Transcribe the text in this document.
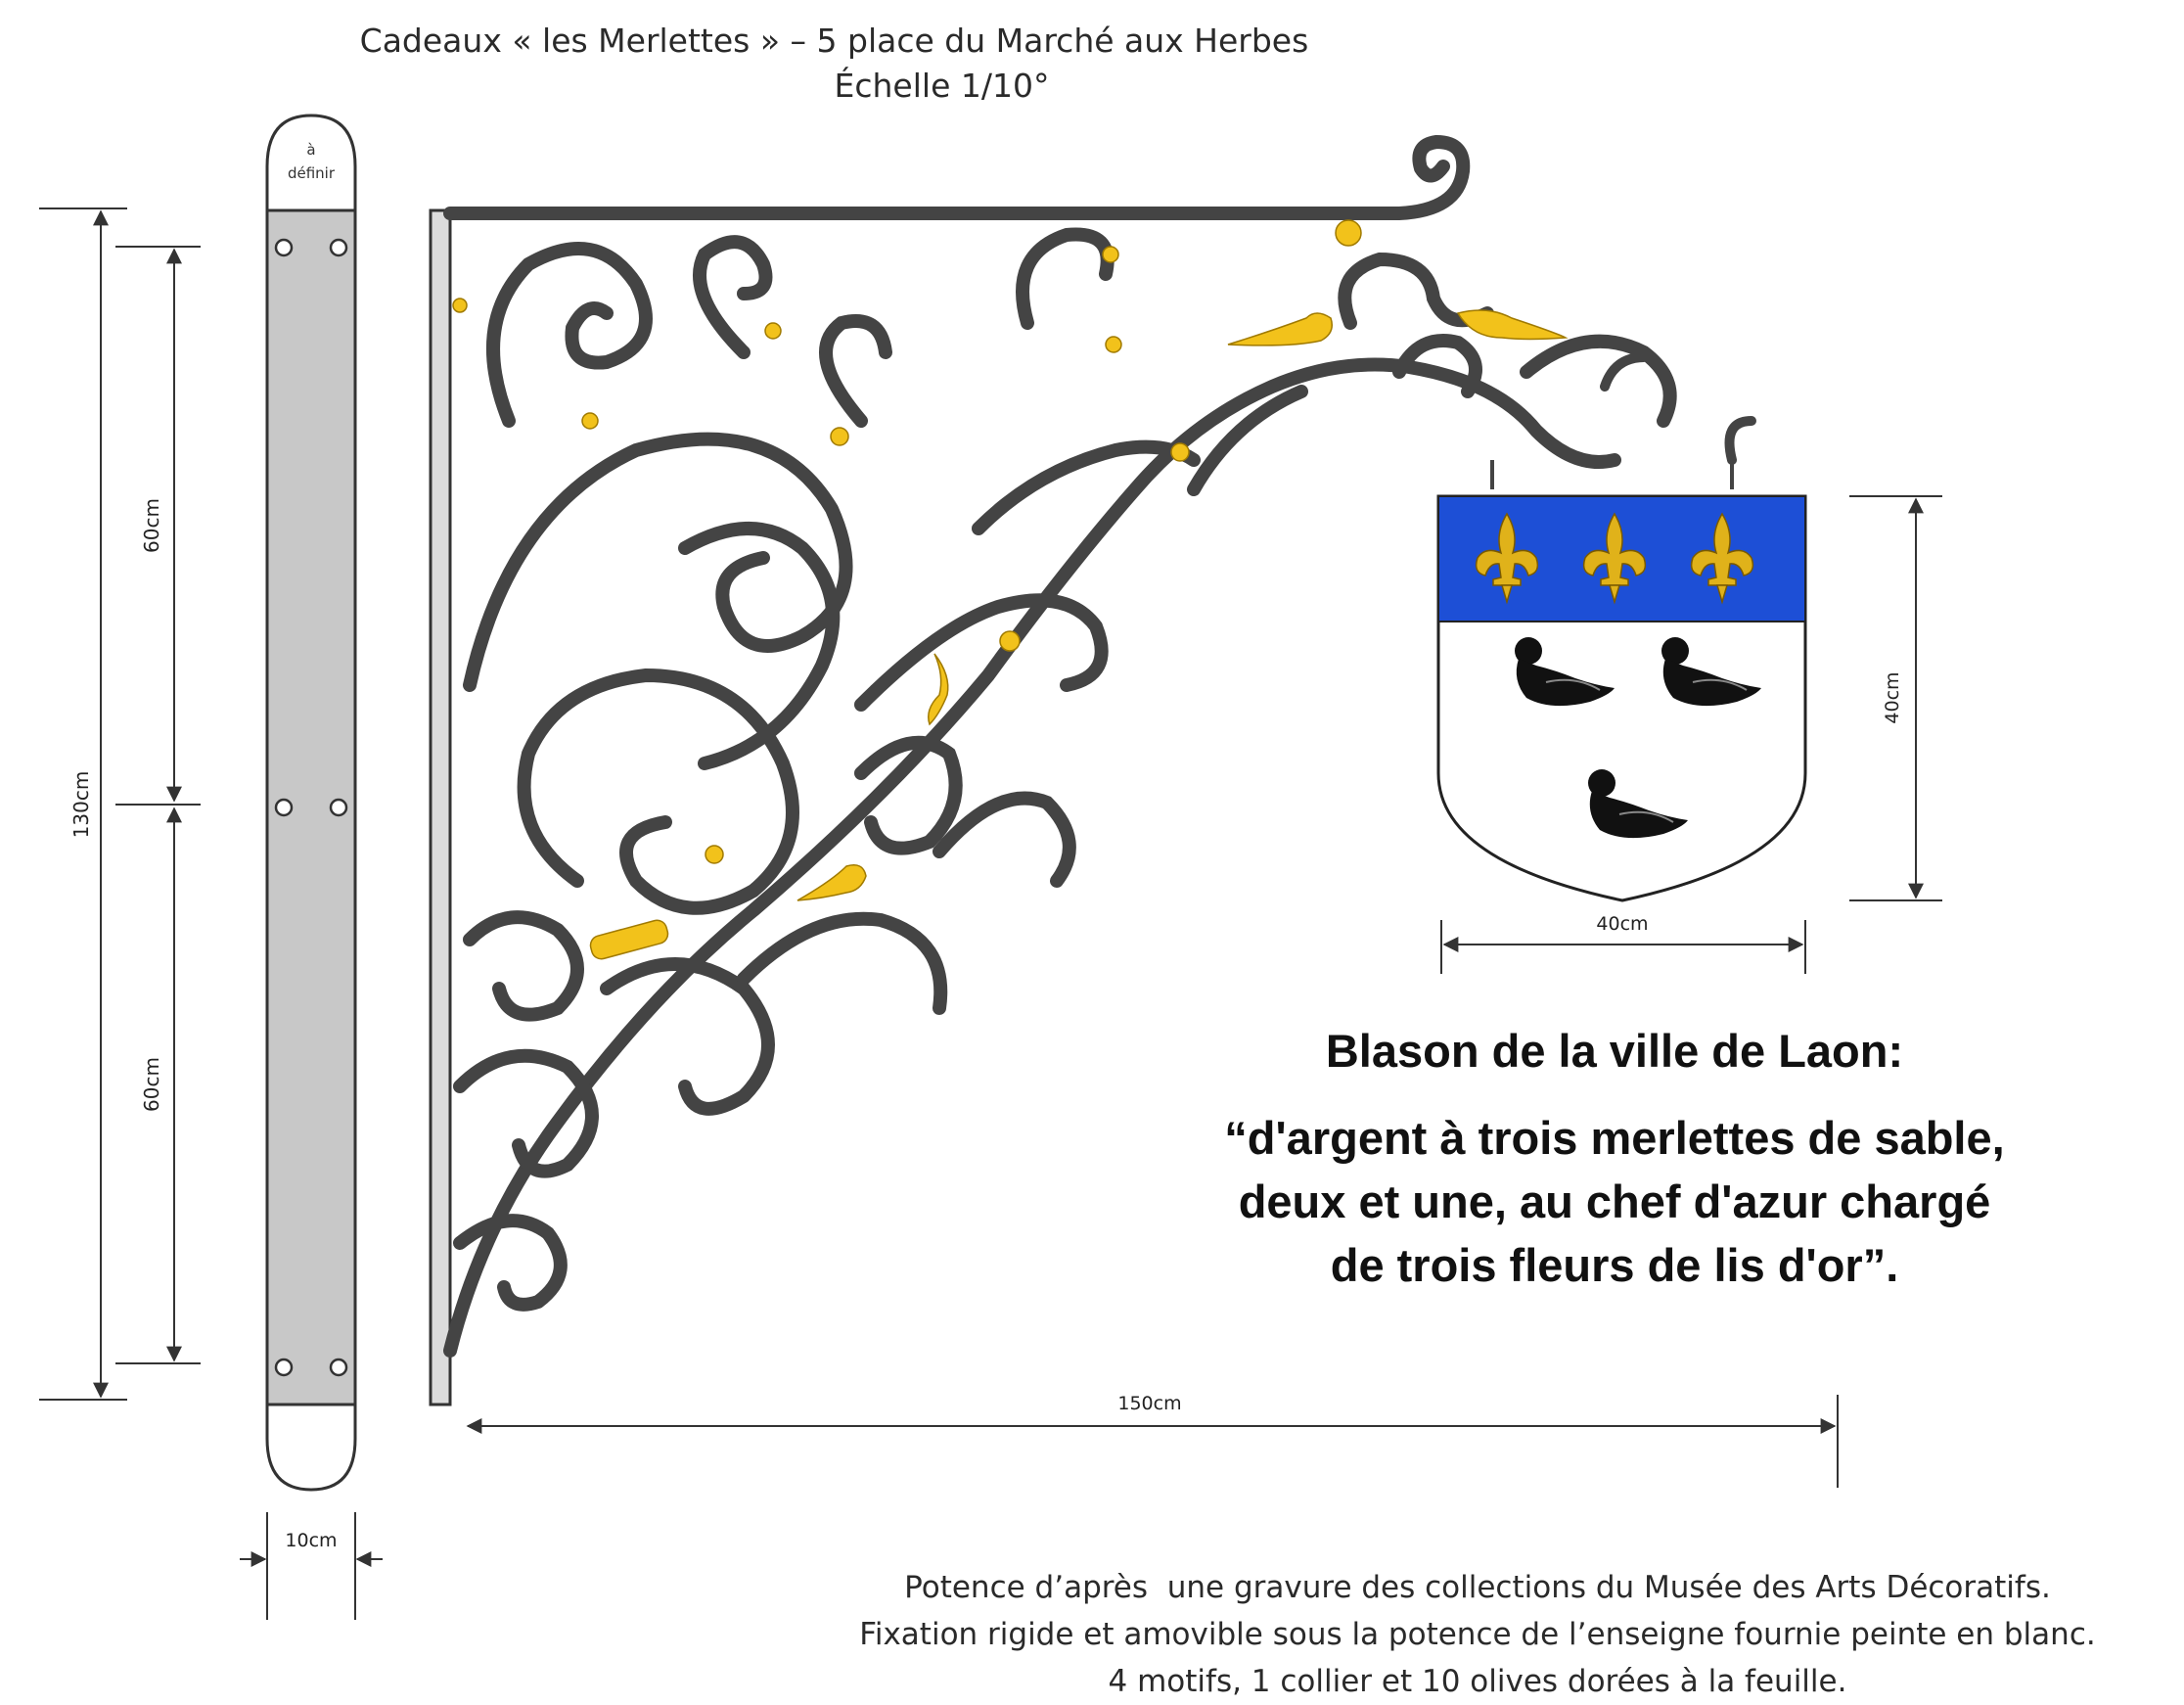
Cadeaux « les Merlettes » – 5 place du Marché aux Herbes
Échelle 1/10°
130cm
60cm
60cm
à
définir
10cm
150cm
40cm
40cm
Blason de la ville de Laon:
“d'argent à trois merlettes de sable,
deux et une, au chef d'azur chargé
de trois fleurs de lis d'or”.
Potence d’après  une gravure des collections du Musée des Arts Décoratifs.
Fixation rigide et amovible sous la potence de l’enseigne fournie peinte en blanc.
4 motifs, 1 collier et 10 olives dorées à la feuille.
